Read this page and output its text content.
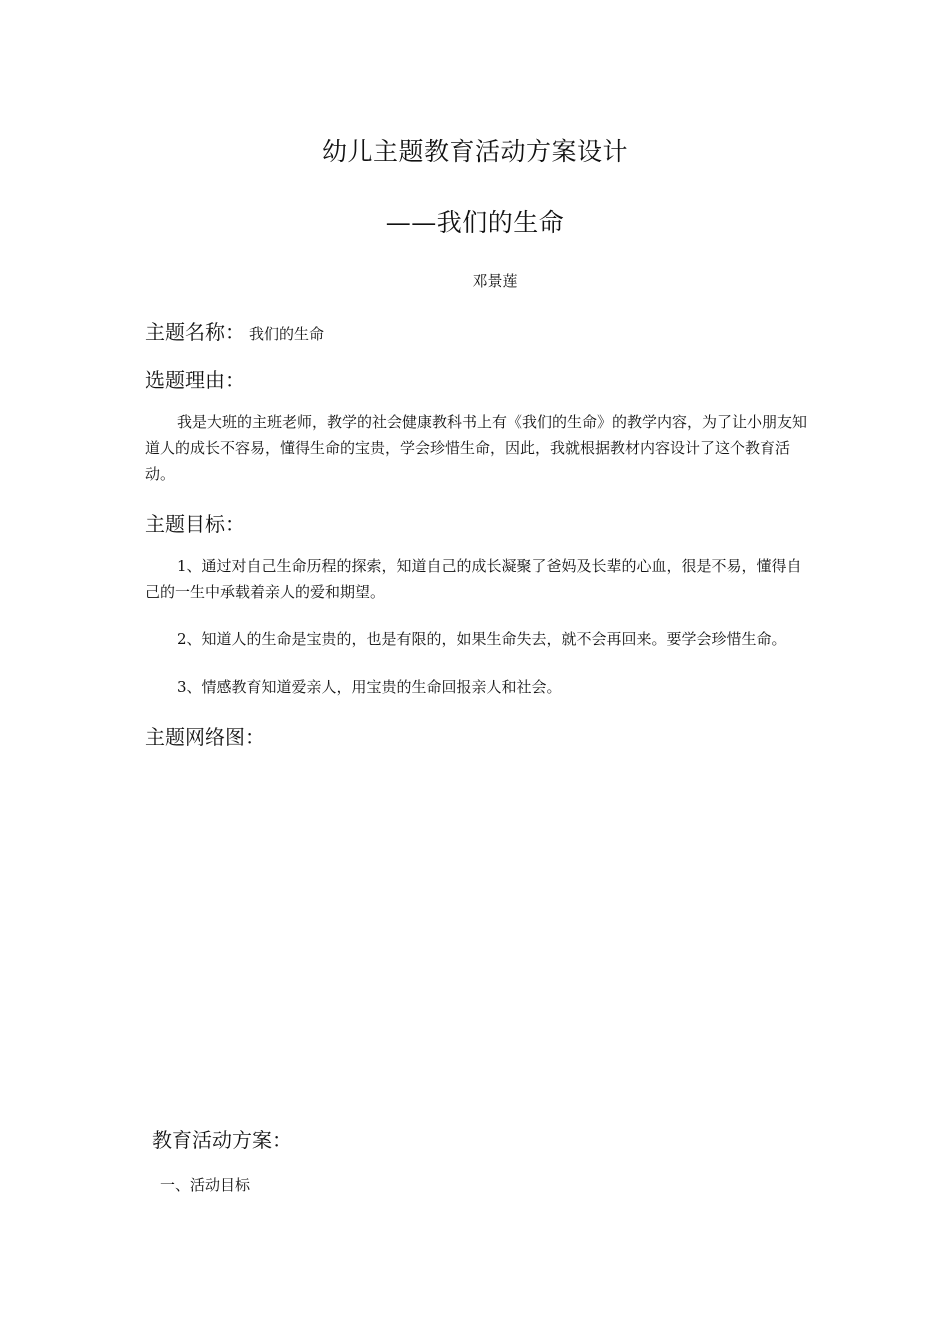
幼儿主题教育活动方案设计
——我们的生命
邓景莲
主题名称： 我们的生命
选题理由：
我是大班的主班老师，教学的社会健康教科书上有《我们的生命》的教学内容，为了让小朋友知道人的成长不容易，懂得生命的宝贵，学会珍惜生命，因此，我就根据教材内容设计了这个教育活动。
主题目标：
1、通过对自己生命历程的探索，知道自己的成长凝聚了爸妈及长辈的心血，很是不易，懂得自己的一生中承载着亲人的爱和期望。
2、知道人的生命是宝贵的，也是有限的，如果生命失去，就不会再回来。要学会珍惜生命。
3、情感教育知道爱亲人，用宝贵的生命回报亲人和社会。
主题网络图：
教育活动方案：
一、活动目标
